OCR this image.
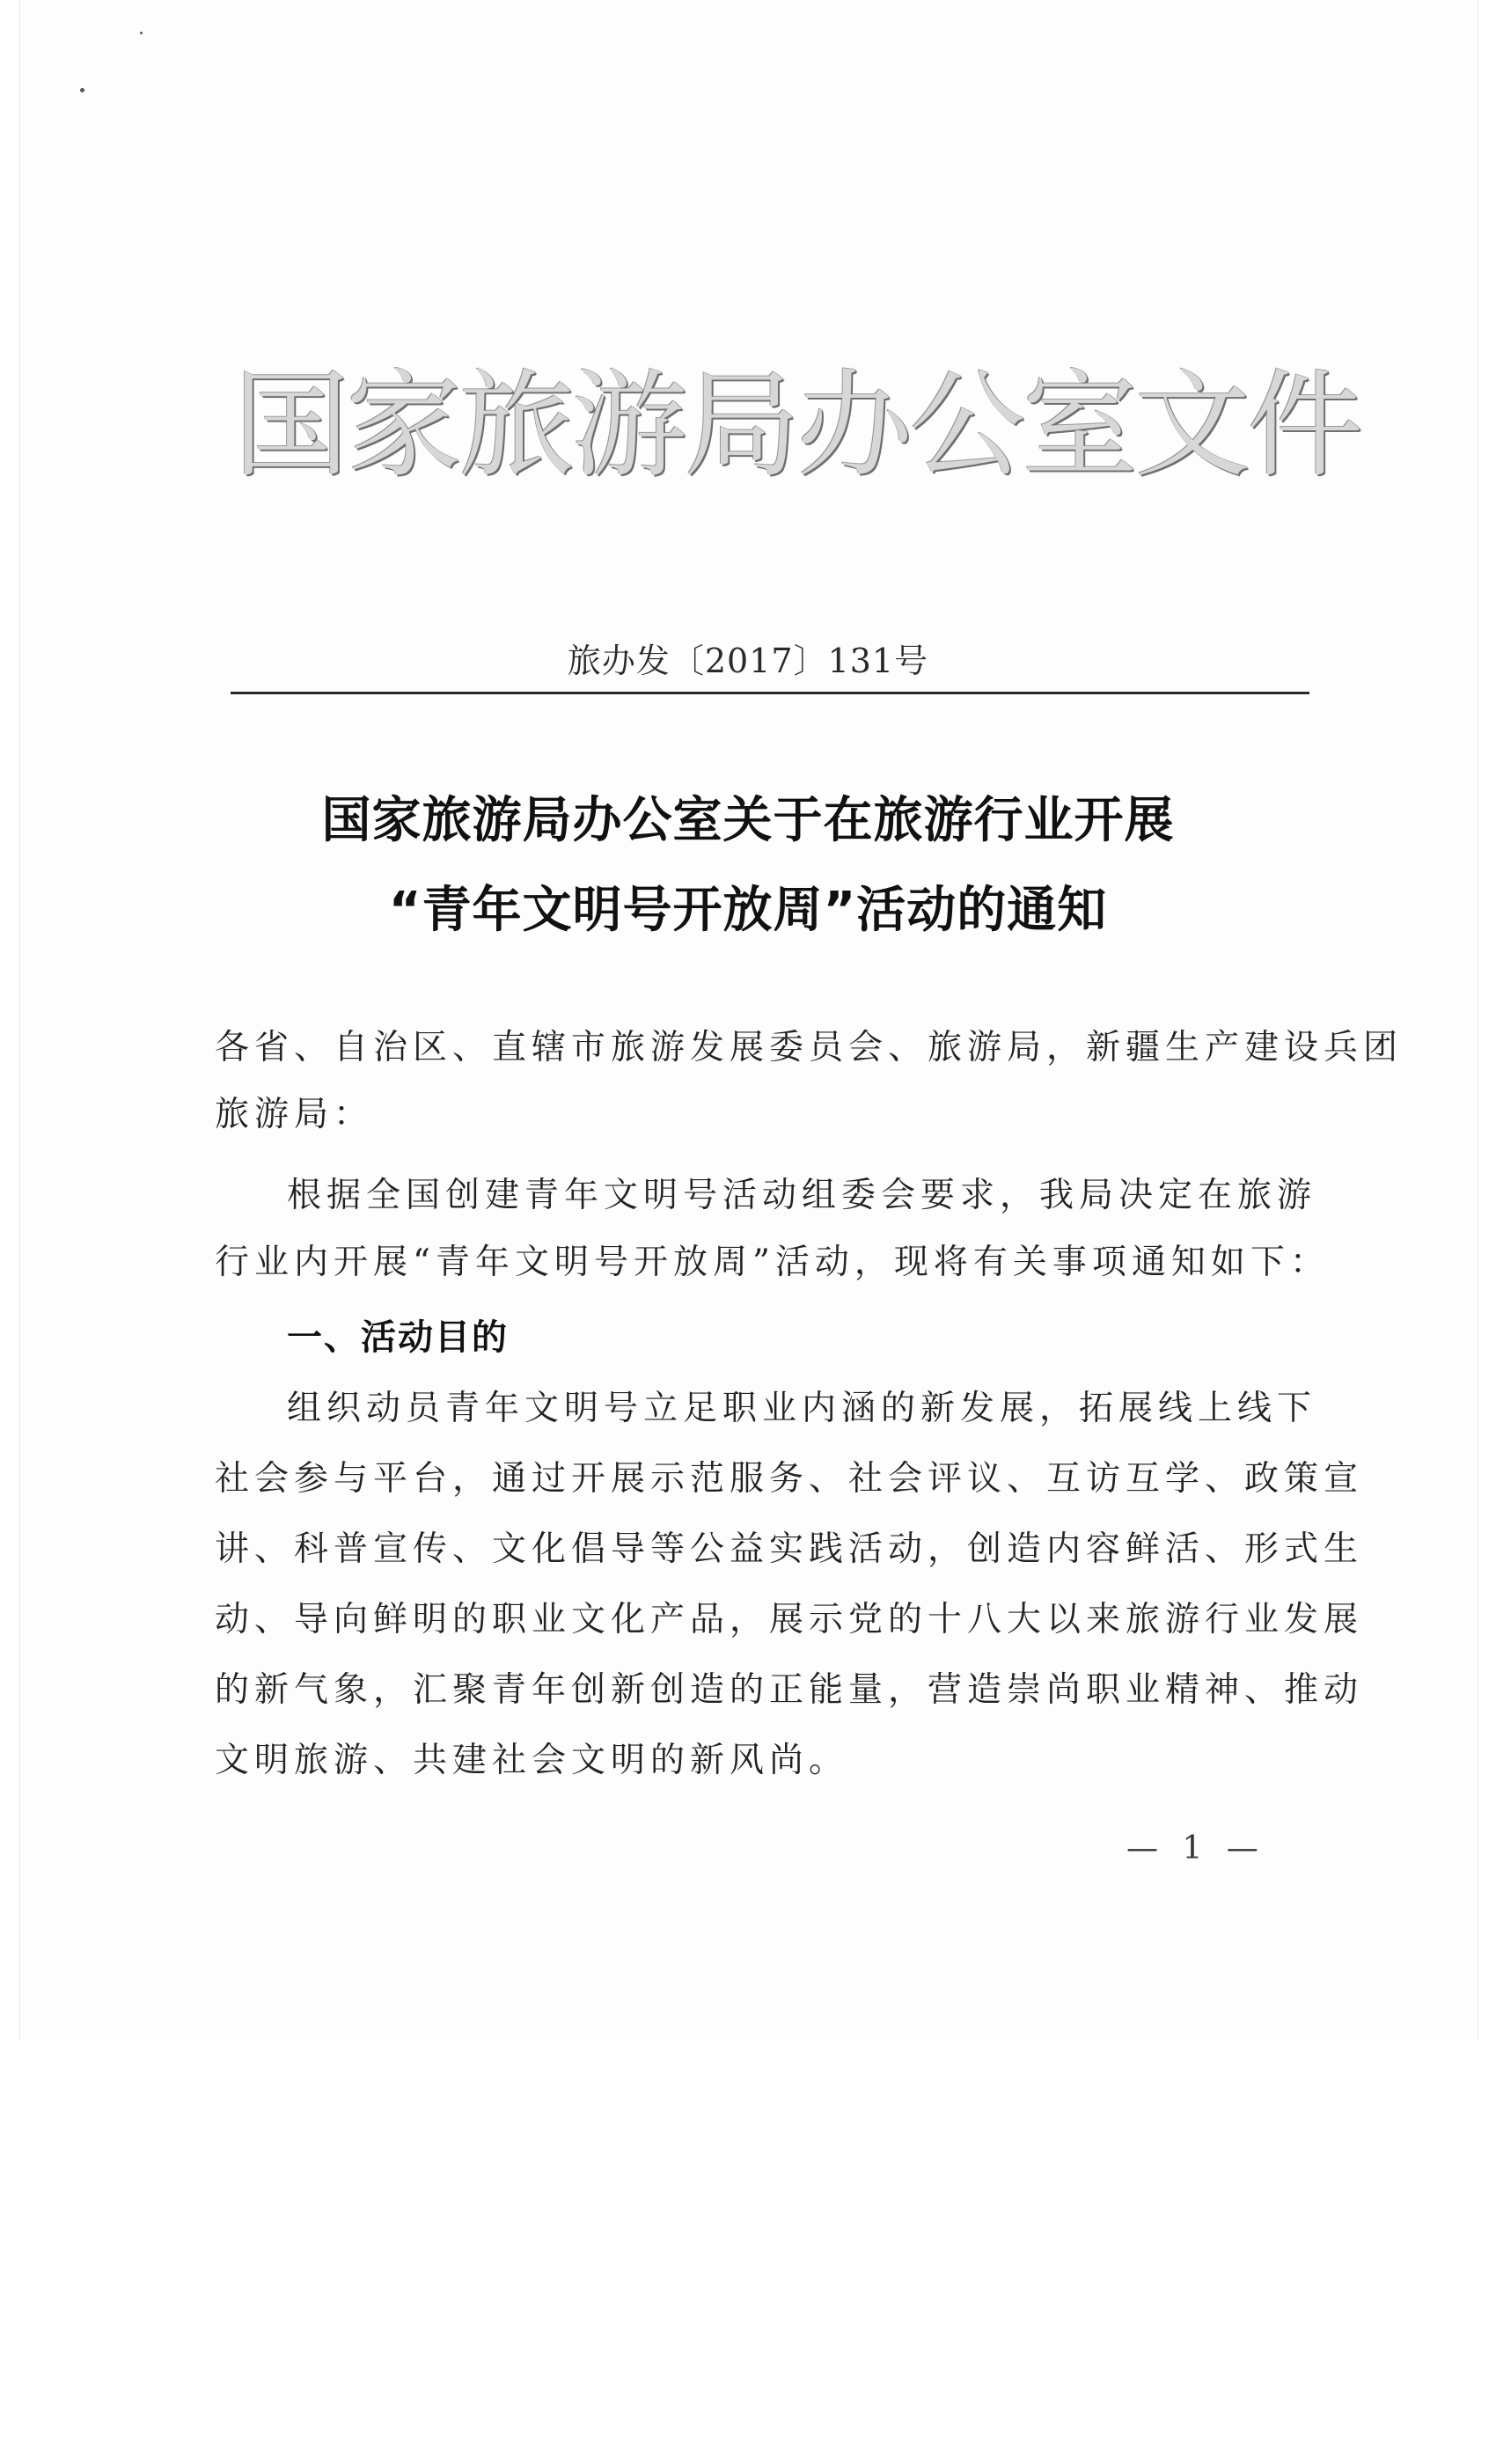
国家旅游局办公室文件
旅办发〔2017〕131号
国家旅游局办公室关于在旅游行业开展
“青年文明号开放周”活动的通知
各省、自治区、直辖市旅游发展委员会、旅游局，新疆生产建设兵团
旅游局：
根据全国创建青年文明号活动组委会要求，我局决定在旅游
行业内开展“青年文明号开放周”活动，现将有关事项通知如下：
一、活动目的
组织动员青年文明号立足职业内涵的新发展，拓展线上线下
社会参与平台，通过开展示范服务、社会评议、互访互学、政策宣
讲、科普宣传、文化倡导等公益实践活动，创造内容鲜活、形式生
动、导向鲜明的职业文化产品，展示党的十八大以来旅游行业发展
的新气象，汇聚青年创新创造的正能量，营造崇尚职业精神、推动
文明旅游、共建社会文明的新风尚。
— 1 —
